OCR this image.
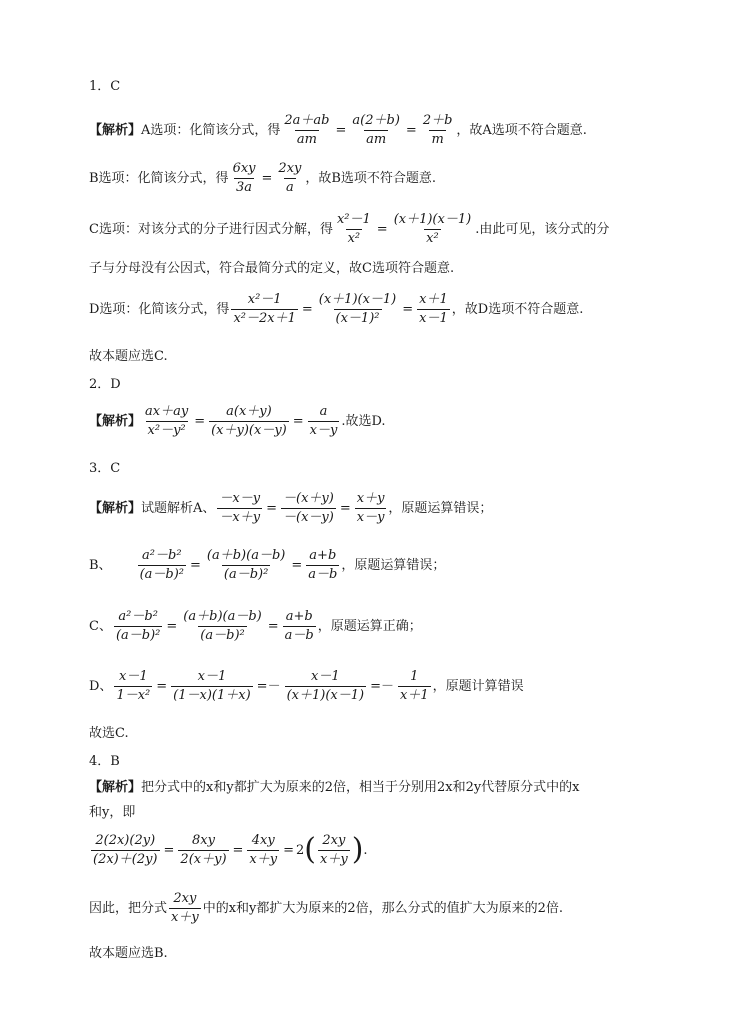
1．C
【解析】 A选项：化简该分式，得 $\frac{2a+ab}{am} = \frac{a(2+b)}{am} = \frac{2+b}{m}$ ，故A选项不符合题意.
B选项：化简该分式，得 $\frac{6xy}{3a} = \frac{2xy}{a}$ ，故B选项不符合题意.
C选项：对该分式的分子进行因式分解，得 $\frac{\text{x²－1}}{\text{x²}} = \frac{(x+1)(x-1)}{\text{x²}}$ .由此可见，该分式的分
子与分母没有公因式，符合最简分式的定义，故C选项符合题意.
D选项：化简该分式，得 $\frac{\text{x²－1}}{\text{x²－2x＋1}} = \frac{(x+1)(x-1)}{\text{(x－1)²}} = \frac{x+1}{x-1}$ ，故D选项不符合题意.
故本题应选C.
2．D
【解析】 $\frac{ax+ay}{\text{x²－y²}} = \frac{a(x+y)}{(x+y)(x-y)} = \frac{a}{x-y}$ .故选D.
3．C
【解析】 试题解析A、 $\frac{-x-y}{-x+y} = \frac{-(x+y)}{-(x-y)} = \frac{x+y}{x-y}$ ，原题运算错误；
B、 $\frac{\text{a²－b²}}{\text{(a－b)²}} = \frac{(a+b)(a-b)}{\text{(a－b)²}} = \frac{a+b}{a-b}$ ，原题运算错误；
C、 $\frac{\text{a²－b²}}{\text{(a－b)²}} = \frac{(a+b)(a-b)}{\text{(a－b)²}} = \frac{a+b}{a-b}$ ，原题运算正确；
D、 $\frac{x-1}{\text{1－x²}} = \frac{x-1}{(1-x)(1+x)} =- \frac{x-1}{(x+1)(x-1)} =- \frac{1}{x+1}$ ，原题计算错误
故选C.
4．B
【解析】 把分式中的x和y都扩大为原来的2倍，相当于分别用2x和2y代替原分式中的x
和y，即
$\frac{2(2x)(2y)}{(2x)+(2y)} = \frac{8xy}{2(x+y)} = \frac{4xy}{x+y} = 2$ ( $\frac{2xy}{x+y}$ ) .
因此，把分式 $\frac{2xy}{x+y}$ 中的x和y都扩大为原来的2倍，那么分式的值扩大为原来的2倍.
故本题应选B.
